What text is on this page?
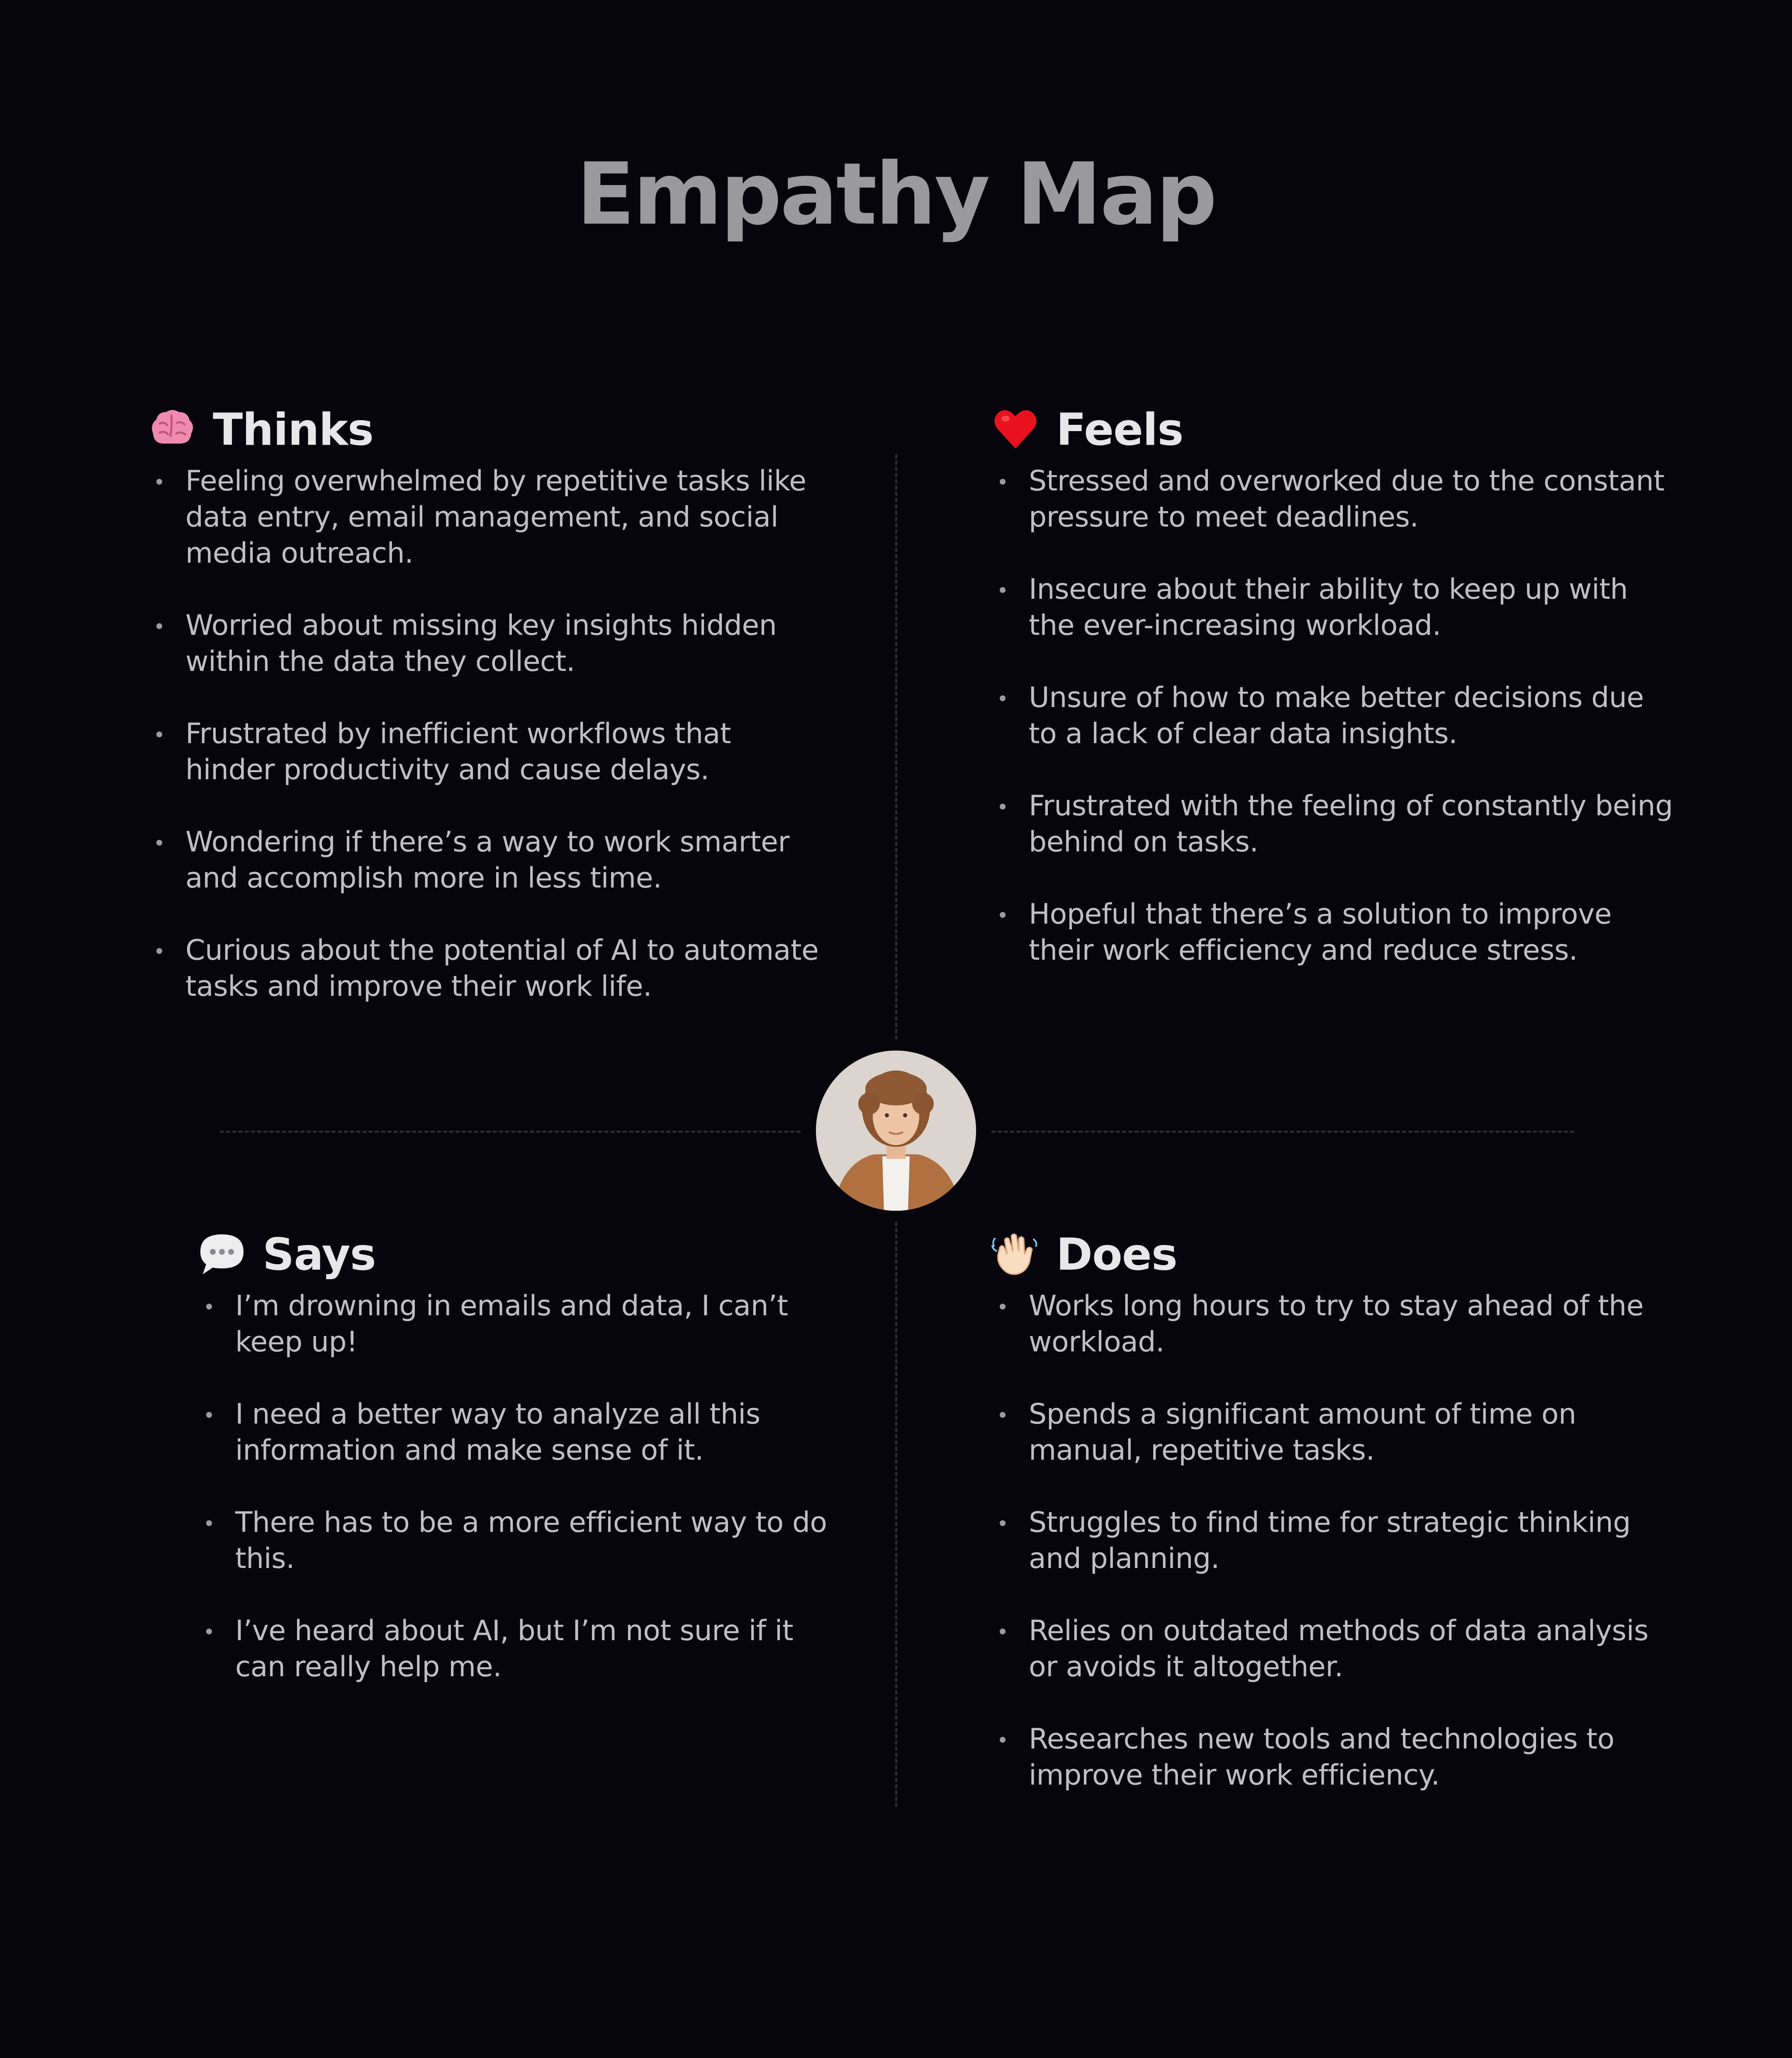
Empathy Map
Thinks
Feeling overwhelmed by repetitive tasks like data entry, email management, and social media outreach.
Worried about missing key insights hidden within the data they collect.
Frustrated by inefficient workflows that hinder productivity and cause delays.
Wondering if there’s a way to work smarter and accomplish more in less time.
Curious about the potential of AI to automate tasks and improve their work life.
Feels
Stressed and overworked due to the constant pressure to meet deadlines.
Insecure about their ability to keep up with the ever-increasing workload.
Unsure of how to make better decisions due to a lack of clear data insights.
Frustrated with the feeling of constantly being behind on tasks.
Hopeful that there’s a solution to improve their work efficiency and reduce stress.
Says
I’m drowning in emails and data, I can’t keep up!
I need a better way to analyze all this information and make sense of it.
There has to be a more efficient way to do this.
I’ve heard about AI, but I’m not sure if it can really help me.
Does
Works long hours to try to stay ahead of the workload.
Spends a significant amount of time on manual, repetitive tasks.
Struggles to find time for strategic thinking and planning.
Relies on outdated methods of data analysis or avoids it altogether.
Researches new tools and technologies to improve their work efficiency.
